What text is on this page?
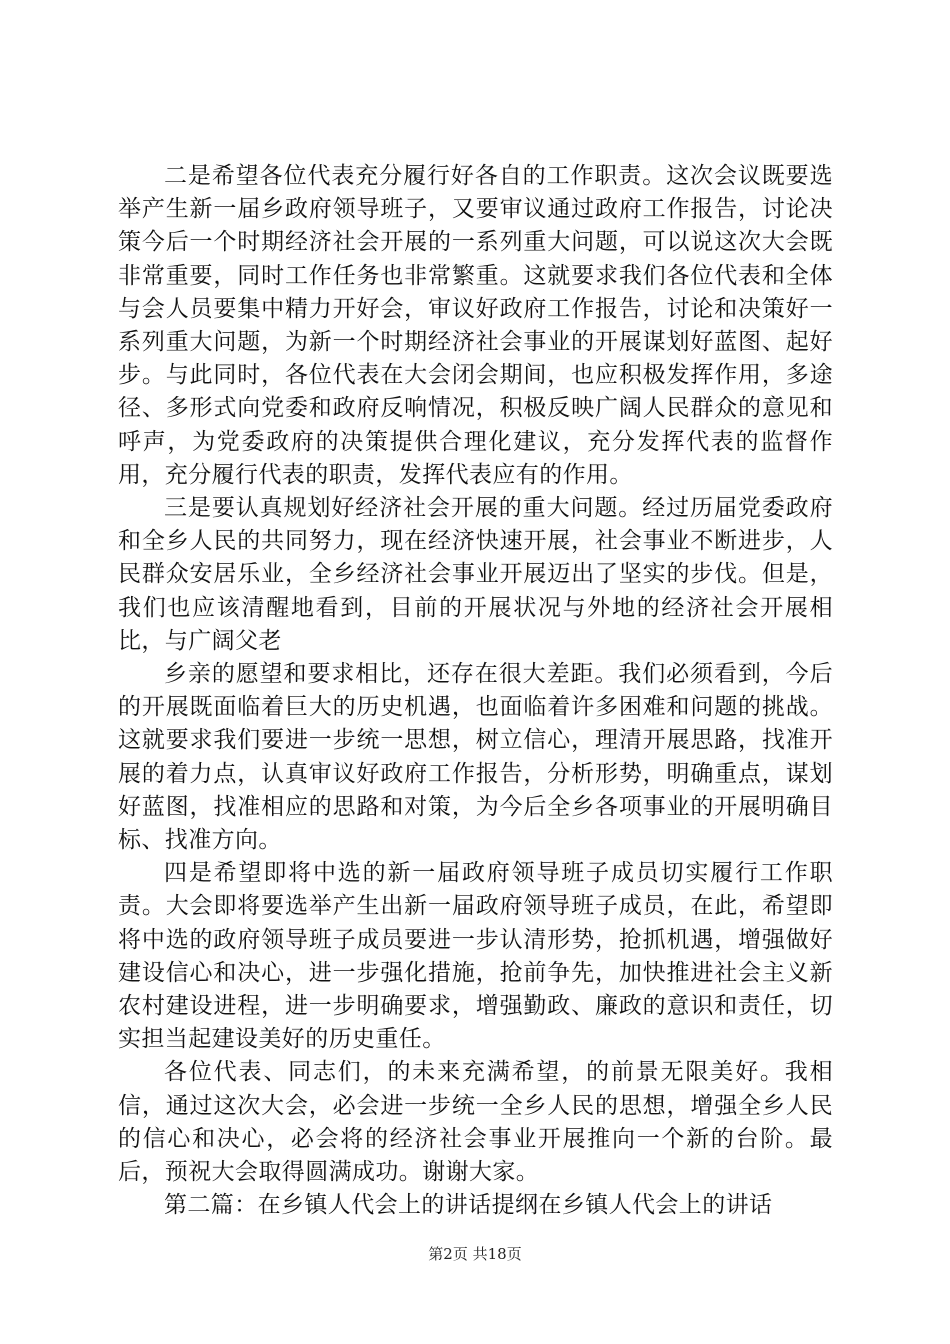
二是希望各位代表充分履行好各自的工作职责。这次会议既要选举产生新一届乡政府领导班子，又要审议通过政府工作报告，讨论决策今后一个时期经济社会开展的一系列重大问题，可以说这次大会既非常重要，同时工作任务也非常繁重。这就要求我们各位代表和全体与会人员要集中精力开好会，审议好政府工作报告，讨论和决策好一系列重大问题，为新一个时期经济社会事业的开展谋划好蓝图、起好步。与此同时，各位代表在大会闭会期间，也应积极发挥作用，多途径、多形式向党委和政府反响情况，积极反映广阔人民群众的意见和呼声，为党委政府的决策提供合理化建议，充分发挥代表的监督作用，充分履行代表的职责，发挥代表应有的作用。

三是要认真规划好经济社会开展的重大问题。经过历届党委政府和全乡人民的共同努力，现在经济快速开展，社会事业不断进步，人民群众安居乐业，全乡经济社会事业开展迈出了坚实的步伐。但是，我们也应该清醒地看到，目前的开展状况与外地的经济社会开展相比，与广阔父老

乡亲的愿望和要求相比，还存在很大差距。我们必须看到，今后的开展既面临着巨大的历史机遇，也面临着许多困难和问题的挑战。这就要求我们要进一步统一思想，树立信心，理清开展思路，找准开展的着力点，认真审议好政府工作报告，分析形势，明确重点，谋划好蓝图，找准相应的思路和对策，为今后全乡各项事业的开展明确目标、找准方向。

四是希望即将中选的新一届政府领导班子成员切实履行工作职责。大会即将要选举产生出新一届政府领导班子成员，在此，希望即将中选的政府领导班子成员要进一步认清形势，抢抓机遇，增强做好建设信心和决心，进一步强化措施，抢前争先，加快推进社会主义新农村建设进程，进一步明确要求，增强勤政、廉政的意识和责任，切实担当起建设美好的历史重任。

各位代表、同志们，的未来充满希望，的前景无限美好。我相信，通过这次大会，必会进一步统一全乡人民的思想，增强全乡人民的信心和决心，必会将的经济社会事业开展推向一个新的台阶。最后，预祝大会取得圆满成功。谢谢大家。

第二篇：在乡镇人代会上的讲话提纲在乡镇人代会上的讲话

第2页 共18页
